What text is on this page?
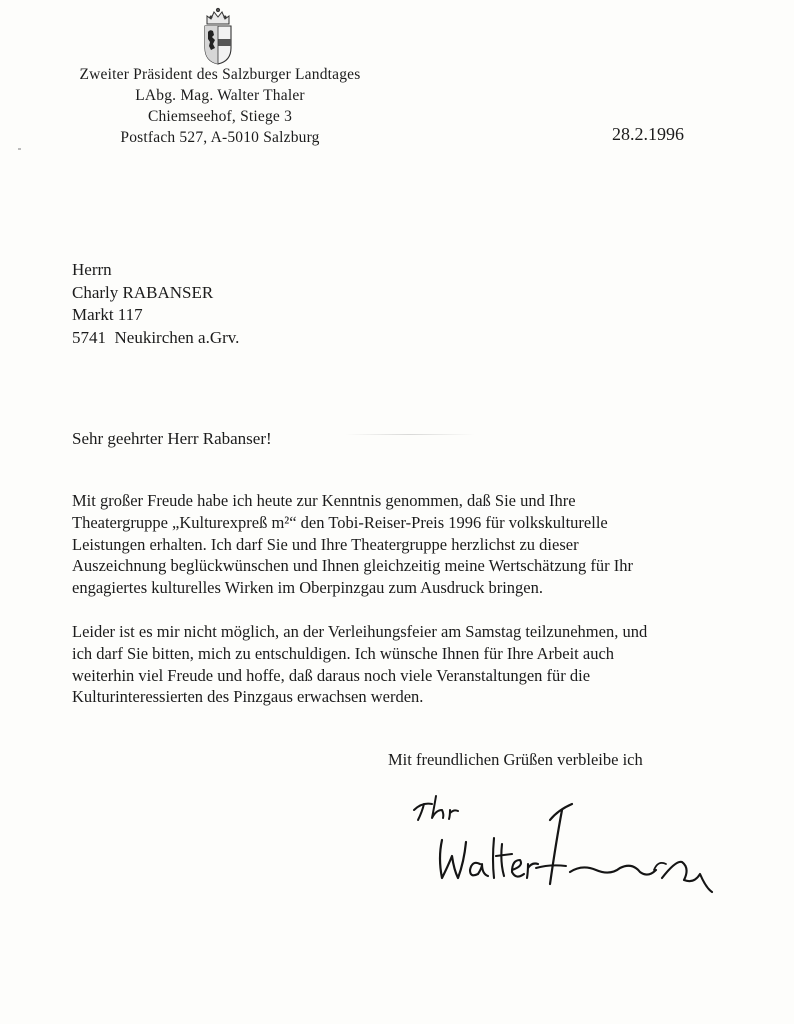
Zweiter Präsident des Salzburger Landtages
LAbg. Mag. Walter Thaler
Chiemseehof, Stiege 3
Postfach 527, A-5010 Salzburg	28.2.1996
Herrn
Charly RABANSER
Markt 117
5741  Neukirchen a.Grv.
Sehr geehrter Herr Rabanser!
Mit großer Freude habe ich heute zur Kenntnis genommen, daß Sie und Ihre
Theatergruppe „Kulturexpreß m²“ den Tobi-Reiser-Preis 1996 für volkskulturelle
Leistungen erhalten. Ich darf Sie und Ihre Theatergruppe herzlichst zu dieser
Auszeichnung beglückwünschen und Ihnen gleichzeitig meine Wertschätzung für Ihr
engagiertes kulturelles Wirken im Oberpinzgau zum Ausdruck bringen.
Leider ist es mir nicht möglich, an der Verleihungsfeier am Samstag teilzunehmen, und
ich darf Sie bitten, mich zu entschuldigen. Ich wünsche Ihnen für Ihre Arbeit auch
weiterhin viel Freude und hoffe, daß daraus noch viele Veranstaltungen für die
Kulturinteressierten des Pinzgaus erwachsen werden.
Mit freundlichen Grüßen verbleibe ich
